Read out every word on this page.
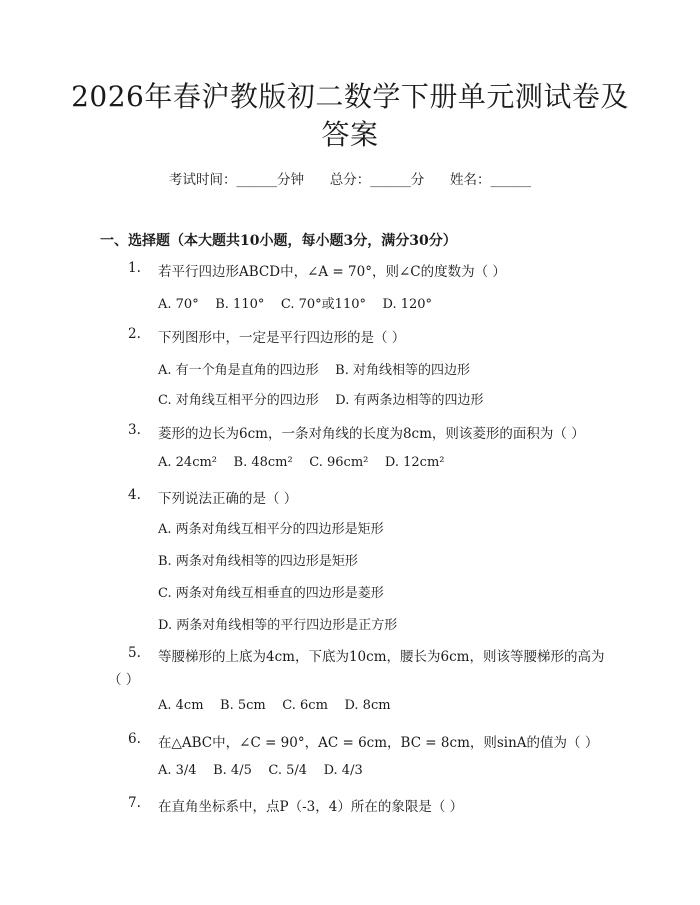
2026年春沪教版初二数学下册单元测试卷及答案
考试时间：______分钟      总分：______分      姓名：______
一、选择题（本大题共10小题，每小题3分，满分30分）
1. 若平行四边形ABCD中，∠A = 70°，则∠C的度数为（ ）
A. 70°    B. 110°    C. 70°或110°    D. 120°
2. 下列图形中，一定是平行四边形的是（ ）
A. 有一个角是直角的四边形    B. 对角线相等的四边形
C. 对角线互相平分的四边形    D. 有两条边相等的四边形
3. 菱形的边长为6cm，一条对角线的长度为8cm，则该菱形的面积为（ ）
A. 24cm²    B. 48cm²    C. 96cm²    D. 12cm²
4. 下列说法正确的是（ ）
A. 两条对角线互相平分的四边形是矩形
B. 两条对角线相等的四边形是矩形
C. 两条对角线互相垂直的四边形是菱形
D. 两条对角线相等的平行四边形是正方形
5. 等腰梯形的上底为4cm，下底为10cm，腰长为6cm，则该等腰梯形的高为
（ ）
A. 4cm    B. 5cm    C. 6cm    D. 8cm
6. 在△ABC中，∠C = 90°，AC = 6cm，BC = 8cm，则sinA的值为（ ）
A. 3/4    B. 4/5    C. 5/4    D. 4/3
7. 在直角坐标系中，点P（-3，4）所在的象限是（ ）
